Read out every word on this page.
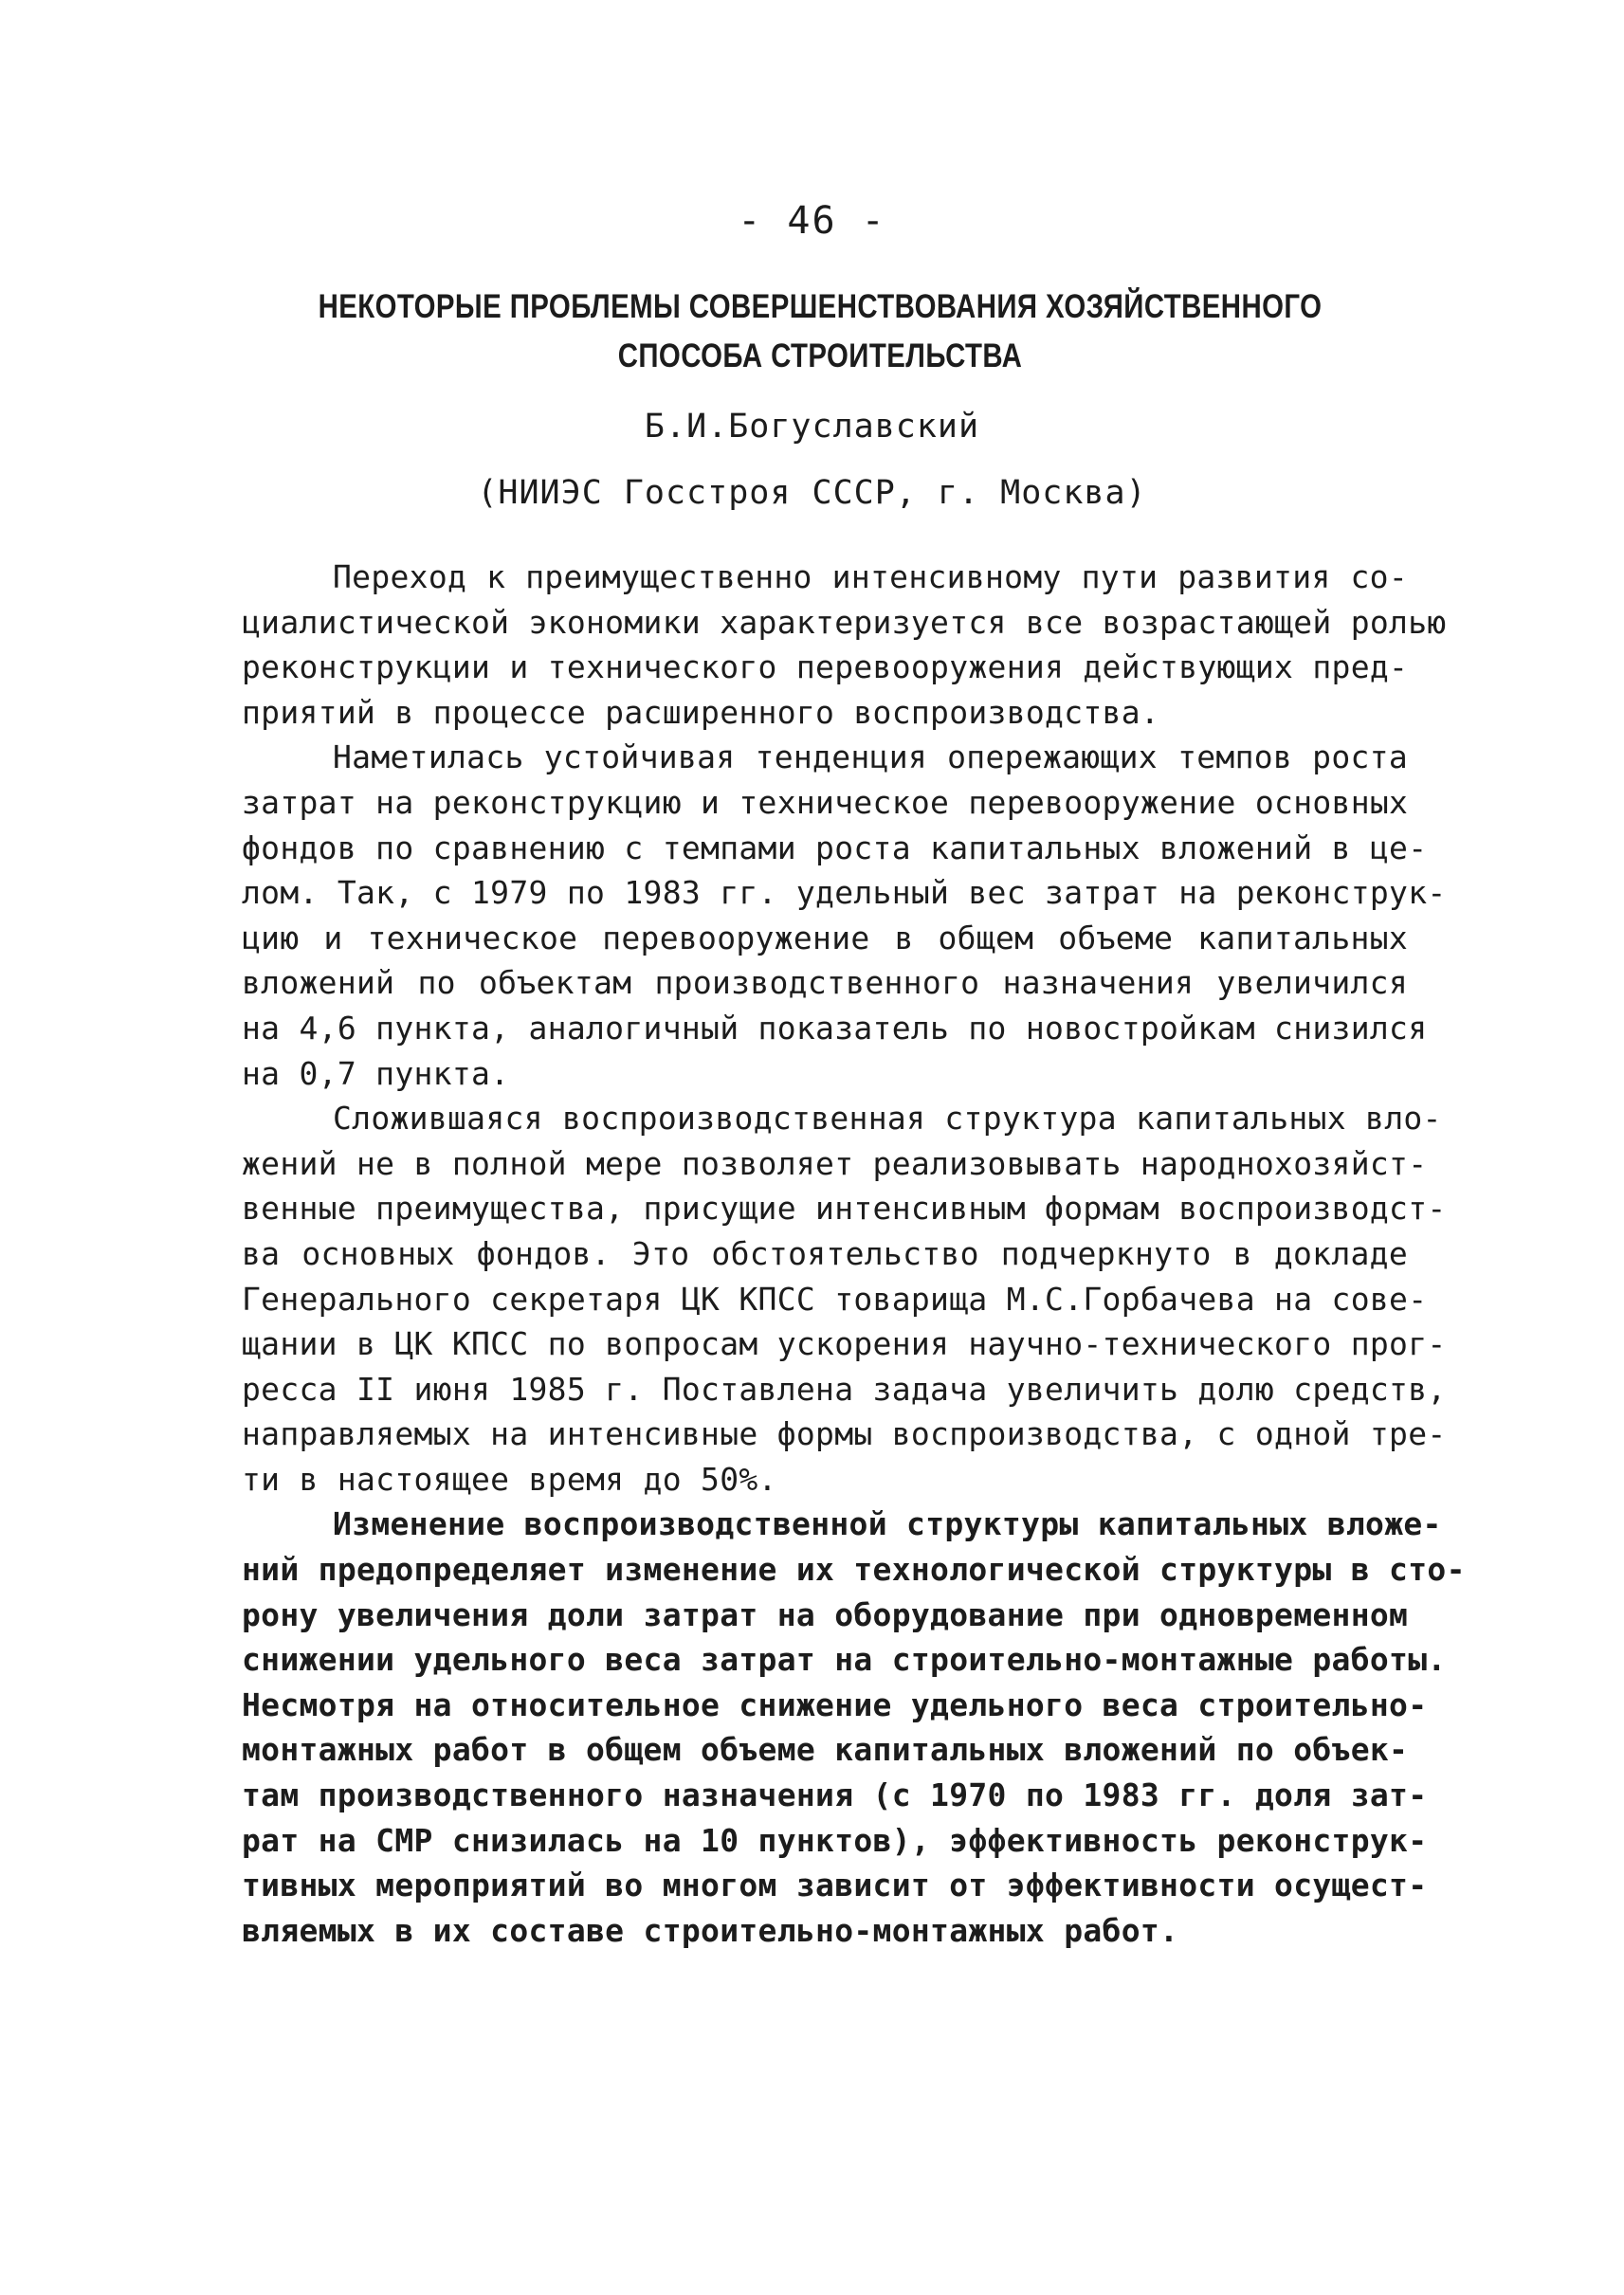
- 46 -
НЕКОТОРЫЕ ПРОБЛЕМЫ СОВЕРШЕНСТВОВАНИЯ ХОЗЯЙСТВЕННОГО
СПОСОБА СТРОИТЕЛЬСТВА
Б.И.Богуславский
(НИИЭС Госстроя СССР, г. Москва)
Переход к преимущественно интенсивному пути развития со-
циалистической экономики характеризуется все возрастающей ролью
реконструкции и технического перевооружения действующих пред-
приятий в процессе расширенного воспроизводства.
Наметилась устойчивая тенденция опережающих темпов роста
затрат на реконструкцию и техническое перевооружение основных
фондов по сравнению с темпами роста капитальных вложений в це-
лом. Так, с 1979 по 1983 гг. удельный вес затрат на реконструк-
цию и техническое перевооружение в общем объеме капитальных
вложений по объектам производственного назначения увеличился
на 4,6 пункта, аналогичный показатель по новостройкам снизился
на 0,7 пункта.
Сложившаяся воспроизводственная структура капитальных вло-
жений не в полной мере позволяет реализовывать народнохозяйст-
венные преимущества, присущие интенсивным формам воспроизводст-
ва основных фондов. Это обстоятельство подчеркнуто в докладе
Генерального секретаря ЦК КПСС товарища М.С.Горбачева на сове-
щании в ЦК КПСС по вопросам ускорения научно-технического прог-
ресса II июня 1985 г. Поставлена задача увеличить долю средств,
направляемых на интенсивные формы воспроизводства, с одной тре-
ти в настоящее время до 50%.
Изменение воспроизводственной структуры капитальных вложе-
ний предопределяет изменение их технологической структуры в сто-
рону увеличения доли затрат на оборудование при одновременном
снижении удельного веса затрат на строительно-монтажные работы.
Несмотря на относительное снижение удельного веса строительно-
монтажных работ в общем объеме капитальных вложений по объек-
там производственного назначения (с 1970 по 1983 гг. доля зат-
рат на СМР снизилась на 10 пунктов), эффективность реконструк-
тивных мероприятий во многом зависит от эффективности осущест-
вляемых в их составе строительно-монтажных работ.
